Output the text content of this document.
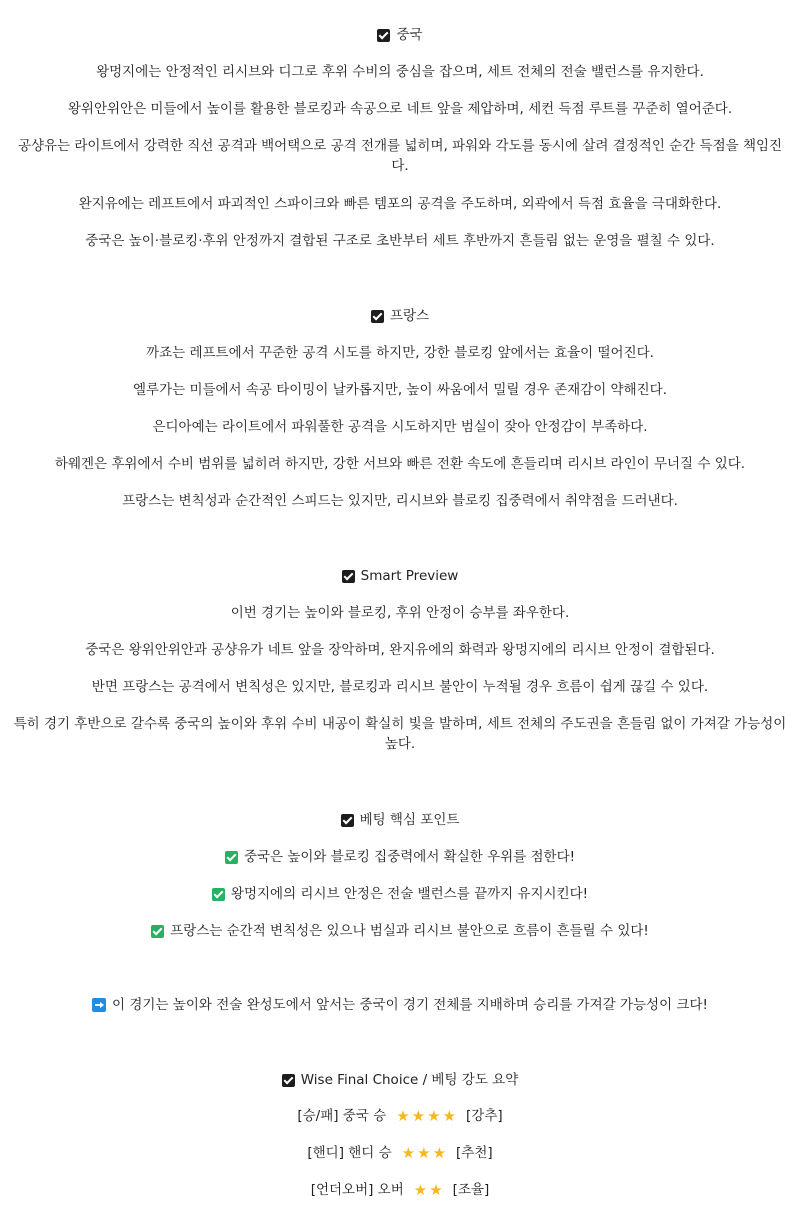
중국
왕멍지에는 안정적인 리시브와 디그로 후위 수비의 중심을 잡으며, 세트 전체의 전술 밸런스를 유지한다.
왕위안위안은 미들에서 높이를 활용한 블로킹과 속공으로 네트 앞을 제압하며, 세컨 득점 루트를 꾸준히 열어준다.
공샹유는 라이트에서 강력한 직선 공격과 백어택으로 공격 전개를 넓히며, 파워와 각도를 동시에 살려 결정적인 순간 득점을 책임진다.
완지유에는 레프트에서 파괴적인 스파이크와 빠른 템포의 공격을 주도하며, 외곽에서 득점 효율을 극대화한다.
중국은 높이·블로킹·후위 안정까지 결합된 구조로 초반부터 세트 후반까지 흔들림 없는 운영을 펼칠 수 있다.
프랑스
까죠는 레프트에서 꾸준한 공격 시도를 하지만, 강한 블로킹 앞에서는 효율이 떨어진다.
엘루가는 미들에서 속공 타이밍이 날카롭지만, 높이 싸움에서 밀릴 경우 존재감이 약해진다.
은디아예는 라이트에서 파워풀한 공격을 시도하지만 범실이 잦아 안정감이 부족하다.
하웨겐은 후위에서 수비 범위를 넓히려 하지만, 강한 서브와 빠른 전환 속도에 흔들리며 리시브 라인이 무너질 수 있다.
프랑스는 변칙성과 순간적인 스피드는 있지만, 리시브와 블로킹 집중력에서 취약점을 드러낸다.
Smart Preview
이번 경기는 높이와 블로킹, 후위 안정이 승부를 좌우한다.
중국은 왕위안위안과 공샹유가 네트 앞을 장악하며, 완지유에의 화력과 왕멍지에의 리시브 안정이 결합된다.
반면 프랑스는 공격에서 변칙성은 있지만, 블로킹과 리시브 불안이 누적될 경우 흐름이 쉽게 끊길 수 있다.
특히 경기 후반으로 갈수록 중국의 높이와 후위 수비 내공이 확실히 빛을 발하며, 세트 전체의 주도권을 흔들림 없이 가져갈 가능성이 높다.
베팅 핵심 포인트
중국은 높이와 블로킹 집중력에서 확실한 우위를 점한다!
왕멍지에의 리시브 안정은 전술 밸런스를 끝까지 유지시킨다!
프랑스는 순간적 변칙성은 있으나 범실과 리시브 불안으로 흐름이 흔들릴 수 있다!
이 경기는 높이와 전술 완성도에서 앞서는 중국이 경기 전체를 지배하며 승리를 가져갈 가능성이 크다!
Wise Final Choice / 베팅 강도 요약
[승/패] 중국 승 ★ ★ ★ ★ [강추]
[핸디] 핸디 승 ★ ★ ★ [추천]
[언더오버] 오버 ★ ★ [조율]
